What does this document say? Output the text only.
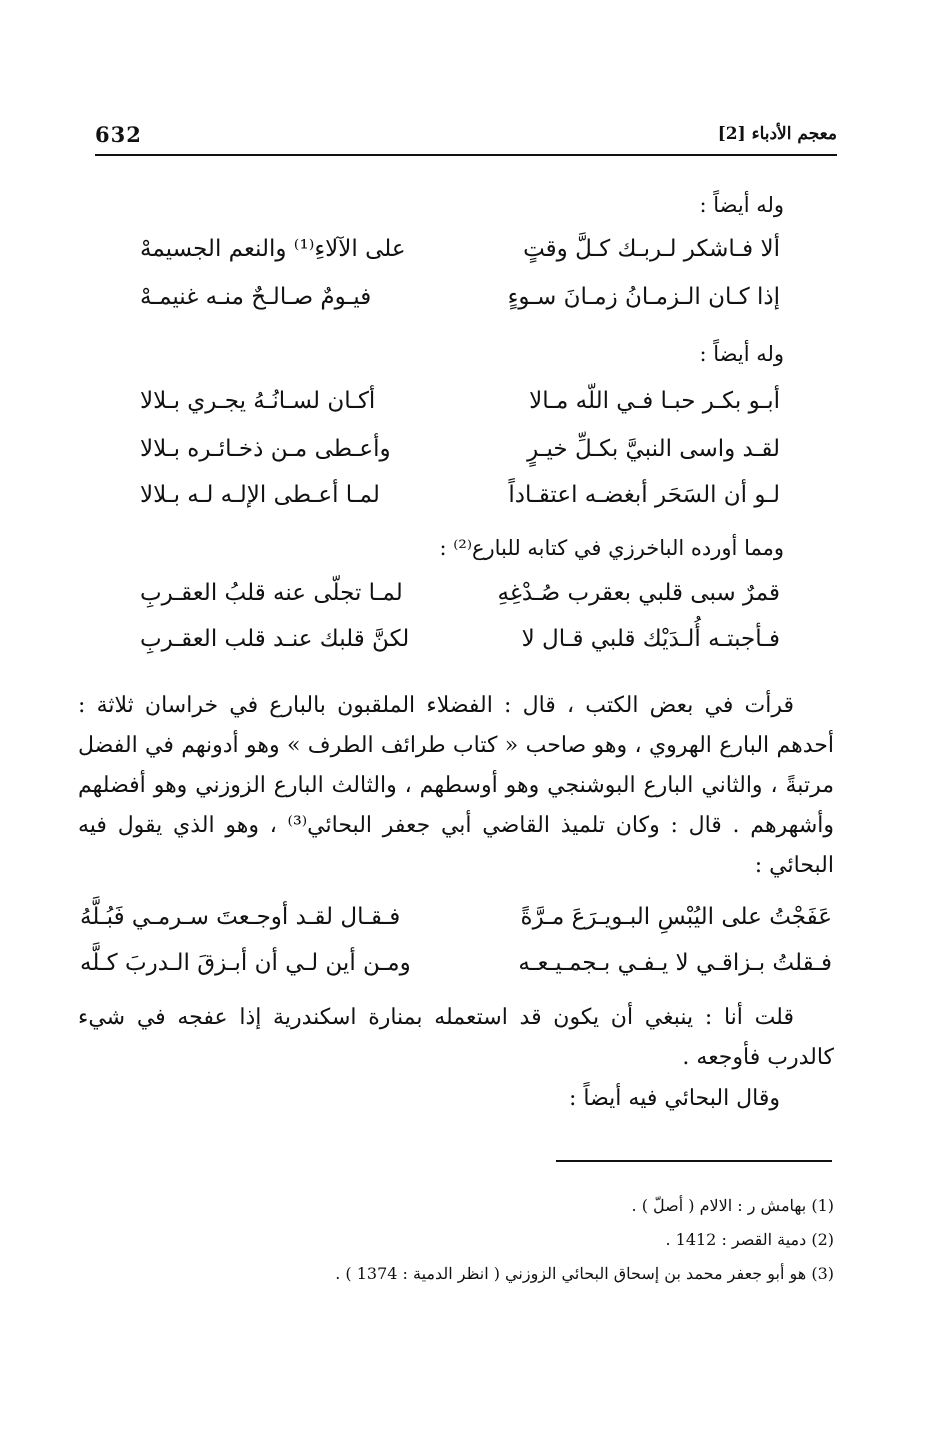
معجم الأدباء [2]
632
وله أيضاً :
ألا فـاشكر لـربـك كـلَّ وقتٍ
على الآلاءِ⁽¹⁾ والنعم الجسيمهْ
إذا كـان الـزمـانُ زمـانَ سـوءٍ
فيـومٌ صـالـحٌ منـه غنيمـهْ
وله أيضاً :
أبـو بكـر حبـا فـي اللّه مـالا
أكـان لسـانُـهُ يجـري بـلالا
لقـد واسى النبيَّ بكـلِّ خيـرٍ
وأعـطى مـن ذخـائـره بـلالا
لـو أن السَحَر أبغضـه اعتقـاداً
لمـا أعـطى الإلـه لـه بـلالا
ومما أورده الباخرزي في كتابه للبارع⁽²⁾ :
قمرٌ سبى قلبي بعقرب صُـدْغِهِ
لمـا تجلّى عنه قلبُ العقـربِ
فـأجبتـه أُلـدَيْك قلبي قـال لا
لكنَّ قلبك عنـد قلب العقـربِ

قرأت في بعض الكتب ، قال : الفضلاء الملقبون بالبارع في خراسان ثلاثة : أحدهم البارع الهروي ، وهو صاحب « كتاب طرائف الطرف » وهو أدونهم في الفضل مرتبةً ، والثاني البارع البوشنجي وهو أوسطهم ، والثالث البارع الزوزني وهو أفضلهم وأشهرهم . قال : وكان تلميذ القاضي أبي جعفر البحائي⁽³⁾ ، وهو الذي يقول فيه البحائي :

عَفَجْتُ على اليُبْسِ البـويـرَعَ مـرَّةً
فـقـال لقـد أوجـعتَ سـرمـي فَبُـلَّهُ
فـقلتُ بـزاقـي لا يـفـي بـجمـيـعـه
ومـن أين لـي أن أبـزقَ الـدربَ كـلَّه

قلت أنا : ينبغي أن يكون قد استعمله بمنارة اسكندرية إذا عفجه في شيء كالدرب فأوجعه .

وقال البحائي فيه أيضاً :
(1) بهامش ر : الالام ( أصلّ ) .
(2) دمية القصر : 1412 .
(3) هو أبو جعفر محمد بن إسحاق البحائي الزوزني ( انظر الدمية : 1374 ) .
